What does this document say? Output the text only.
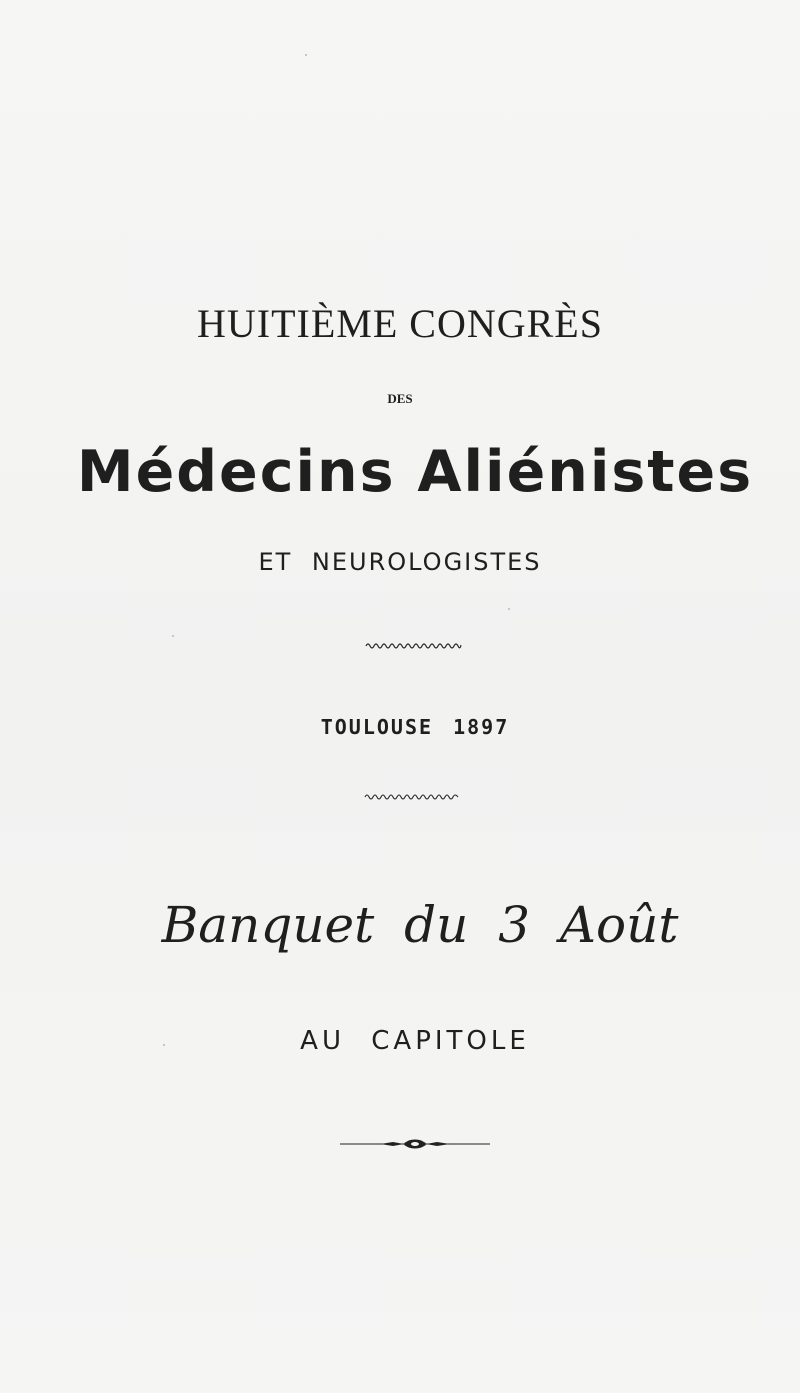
HUITIÈME CONGRÈS
DES
Médecins Aliénistes
ET NEUROLOGISTES
TOULOUSE 1897
Banquet du 3 Août
AU CAPITOLE
